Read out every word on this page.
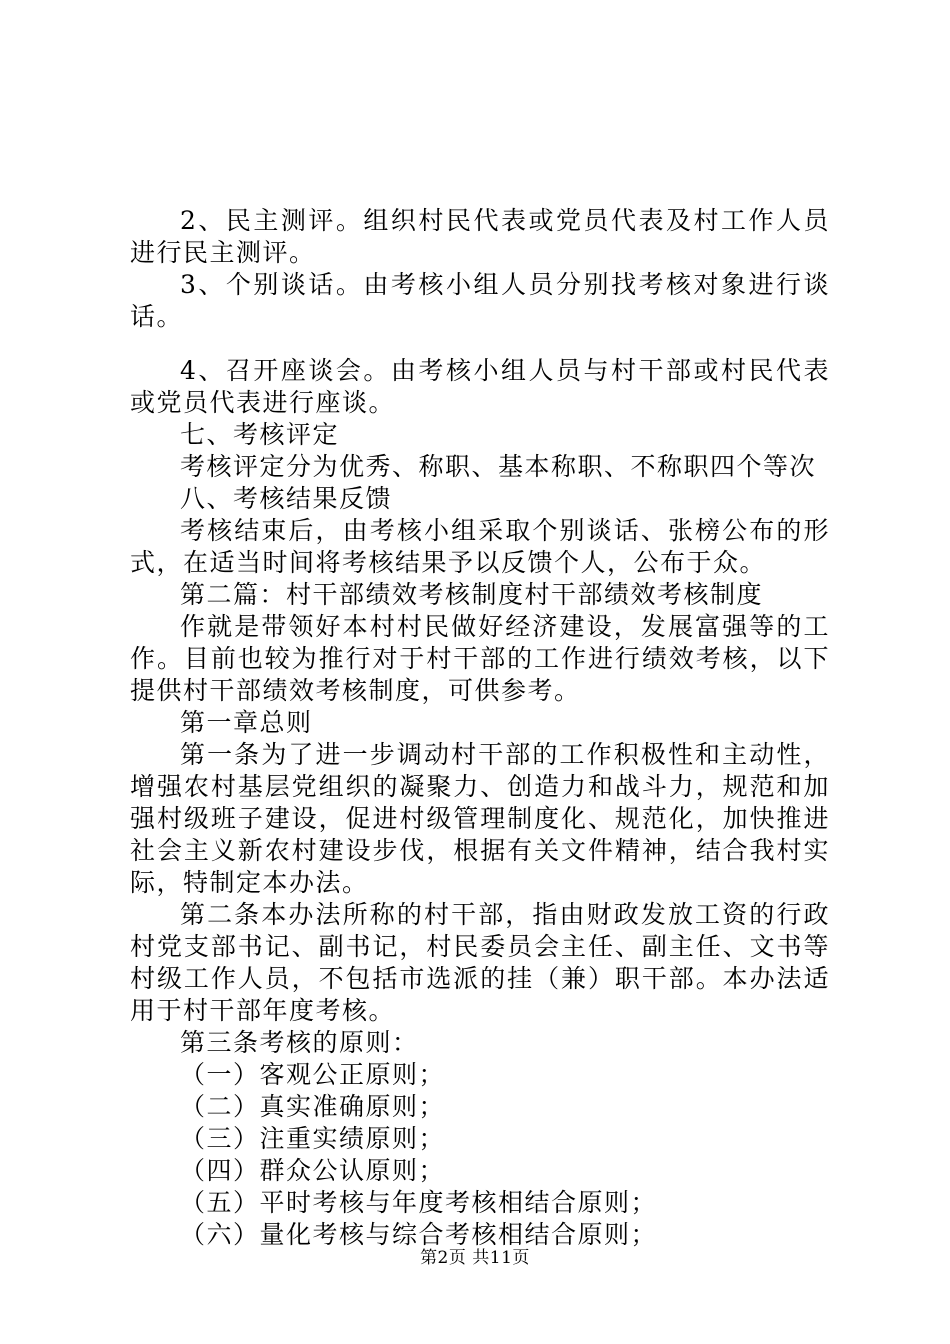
2、民主测评。组织村民代表或党员代表及村工作人员进行民主测评。

3、个别谈话。由考核小组人员分别找考核对象进行谈话。

4、召开座谈会。由考核小组人员与村干部或村民代表或党员代表进行座谈。

七、考核评定

考核评定分为优秀、称职、基本称职、不称职四个等次

八、考核结果反馈

考核结束后，由考核小组采取个别谈话、张榜公布的形式，在适当时间将考核结果予以反馈个人，公布于众。

第二篇：村干部绩效考核制度村干部绩效考核制度

作就是带领好本村村民做好经济建设，发展富强等的工作。目前也较为推行对于村干部的工作进行绩效考核，以下提供村干部绩效考核制度，可供参考。

第一章总则

第一条为了进一步调动村干部的工作积极性和主动性，增强农村基层党组织的凝聚力、创造力和战斗力，规范和加强村级班子建设，促进村级管理制度化、规范化，加快推进社会主义新农村建设步伐，根据有关文件精神，结合我村实际，特制定本办法。

第二条本办法所称的村干部，指由财政发放工资的行政村党支部书记、副书记，村民委员会主任、副主任、文书等村级工作人员，不包括市选派的挂（兼）职干部。本办法适用于村干部年度考核。

第三条考核的原则：

（一）客观公正原则；

（二）真实准确原则；

（三）注重实绩原则；

（四）群众公认原则；

（五）平时考核与年度考核相结合原则；

（六）量化考核与综合考核相结合原则；

第2页 共11页
